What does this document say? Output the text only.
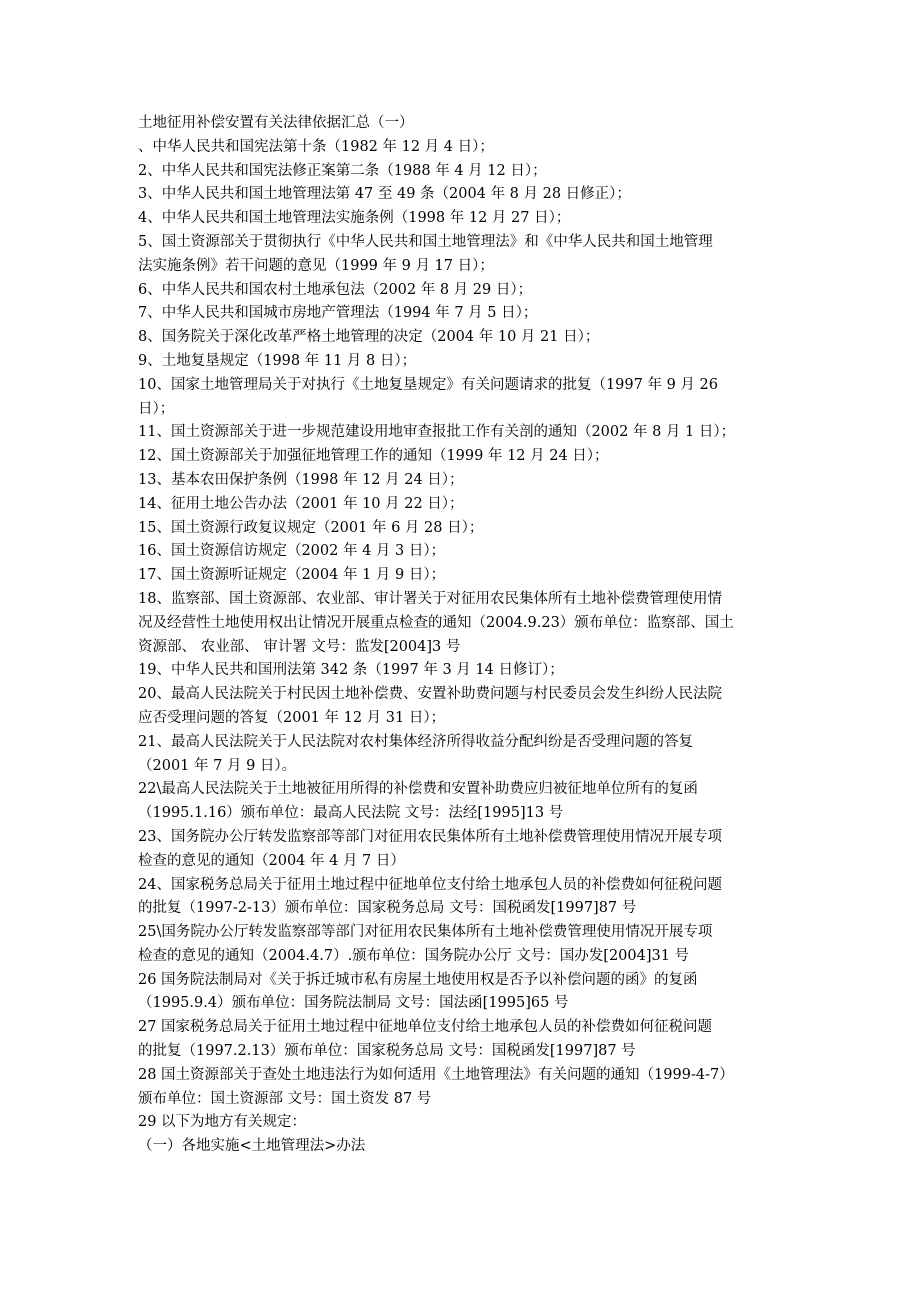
土地征用补偿安置有关法律依据汇总（一）
、中华人民共和国宪法第十条（1982 年 12 月 4 日）；
2、中华人民共和国宪法修正案第二条（1988 年 4 月 12 日）；
3、中华人民共和国土地管理法第 47 至 49 条（2004 年 8 月 28 日修正）；
4、中华人民共和国土地管理法实施条例（1998 年 12 月 27 日）；
5、国土资源部关于贯彻执行《中华人民共和国土地管理法》和《中华人民共和国土地管理
法实施条例》若干问题的意见（1999 年 9 月 17 日）；
6、中华人民共和国农村土地承包法（2002 年 8 月 29 日）；
7、中华人民共和国城市房地产管理法（1994 年 7 月 5 日）；
8、国务院关于深化改革严格土地管理的决定（2004 年 10 月 21 日）；
9、土地复垦规定（1998 年 11 月 8 日）；
10、国家土地管理局关于对执行《土地复垦规定》有关问题请求的批复（1997 年 9 月 26
日）；
11、国土资源部关于进一步规范建设用地审查报批工作有关剖的通知（2002 年 8 月 1 日）；
12、国土资源部关于加强征地管理工作的通知（1999 年 12 月 24 日）；
13、基本农田保护条例（1998 年 12 月 24 日）；
14、征用土地公告办法（2001 年 10 月 22 日）；
15、国土资源行政复议规定（2001 年 6 月 28 日）；
16、国土资源信访规定（2002 年 4 月 3 日）；
17、国土资源听证规定（2004 年 1 月 9 日）；
18、监察部、国土资源部、农业部、审计署关于对征用农民集体所有土地补偿费管理使用情
况及经营性土地使用权出让情况开展重点检查的通知（2004.9.23）颁布单位：监察部、国土
资源部、 农业部、 审计署 文号：监发[2004]3 号
19、中华人民共和国刑法第 342 条（1997 年 3 月 14 日修订）；
20、最高人民法院关于村民因土地补偿费、安置补助费问题与村民委员会发生纠纷人民法院
应否受理问题的答复（2001 年 12 月 31 日）；
21、最高人民法院关于人民法院对农村集体经济所得收益分配纠纷是否受理问题的答复
（2001 年 7 月 9 日）。
22\最高人民法院关于土地被征用所得的补偿费和安置补助费应归被征地单位所有的复函
（1995.1.16）颁布单位：最高人民法院 文号：法经[1995]13 号
23、国务院办公厅转发监察部等部门对征用农民集体所有土地补偿费管理使用情况开展专项
检查的意见的通知（2004 年 4 月 7 日）
24、国家税务总局关于征用土地过程中征地单位支付给土地承包人员的补偿费如何征税问题
的批复（1997-2-13）颁布单位：国家税务总局 文号：国税函发[1997]87 号
25\国务院办公厅转发监察部等部门对征用农民集体所有土地补偿费管理使用情况开展专项
检查的意见的通知（2004.4.7）.颁布单位：国务院办公厅 文号：国办发[2004]31 号
26 国务院法制局对《关于拆迁城市私有房屋土地使用权是否予以补偿问题的函》的复函
（1995.9.4）颁布单位：国务院法制局 文号：国法函[1995]65 号
27 国家税务总局关于征用土地过程中征地单位支付给土地承包人员的补偿费如何征税问题
的批复（1997.2.13）颁布单位：国家税务总局 文号：国税函发[1997]87 号
28 国土资源部关于查处土地违法行为如何适用《土地管理法》有关问题的通知（1999-4-7）
颁布单位：国土资源部 文号：国土资发 87 号
29 以下为地方有关规定：
（一）各地实施<土地管理法>办法
